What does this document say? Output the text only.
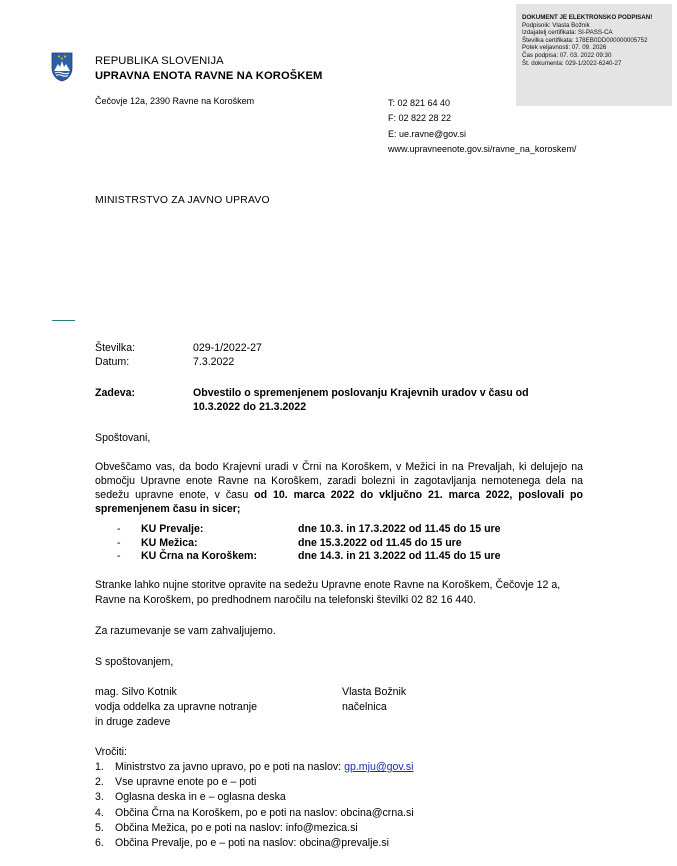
DOKUMENT JE ELEKTRONSKO PODPISAN!
Podpisnik: Vlasta Božnik
Izdajatelj certifikata: SI-PASS-CA
Številka certifikata: 178EB0DD000000005752
Potek veljavnosti: 07. 09. 2026
Čas podpisa: 07. 03. 2022 09:30
Št. dokumenta: 029-1/2022-6240-27
REPUBLIKA SLOVENIJA
UPRAVNA ENOTA RAVNE NA KOROŠKEM
Čečovje 12a, 2390 Ravne na Koroškem	T: 02 821 64 40
F: 02 822 28 22
E: ue.ravne@gov.si
www.upravneenote.gov.si/ravne_na_koroskem/
MINISTRSTVO ZA JAVNO UPRAVO
Številka:	029-1/2022-27
Datum:	7.3.2022
Zadeva:	Obvestilo o spremenjenem poslovanju Krajevnih uradov v času od 10.3.2022 do 21.3.2022
Spoštovani,
Obveščamo vas, da bodo Krajevni uradi v Črni na Koroškem, v Mežici in na Prevaljah, ki delujejo na območju Upravne enote Ravne na Koroškem, zaradi bolezni in zagotavljanja nemotenega dela na sedežu upravne enote, v času od 10. marca 2022 do vključno 21. marca 2022, poslovali po spremenjenem času in sicer;
- KU Prevalje:	dne 10.3. in 17.3.2022 od 11.45 do 15 ure
- KU Mežica:	dne 15.3.2022 od 11.45 do 15 ure
- KU Črna na Koroškem:	dne 14.3. in 21 3.2022 od 11.45 do 15 ure
Stranke lahko nujne storitve opravite na sedežu Upravne enote Ravne na Koroškem, Čečovje 12 a, Ravne na Koroškem, po predhodnem naročilu na telefonski številki 02 82 16 440.
Za razumevanje se vam zahvaljujemo.
S spoštovanjem,
mag. Silvo Kotnik
vodja oddelka za upravne notranje
in druge zadeve
Vlasta Božnik
načelnica
Vročiti:
1. Ministrstvo za javno upravo, po e poti na naslov: gp.mju@gov.si
2. Vse upravne enote po e – poti
3. Oglasna deska in e – oglasna deska
4. Občina Črna na Koroškem, po e poti na naslov: obcina@crna.si
5. Občina Mežica, po e poti na naslov: info@mezica.si
6. Občina Prevalje, po e – poti na naslov: obcina@prevalje.si
